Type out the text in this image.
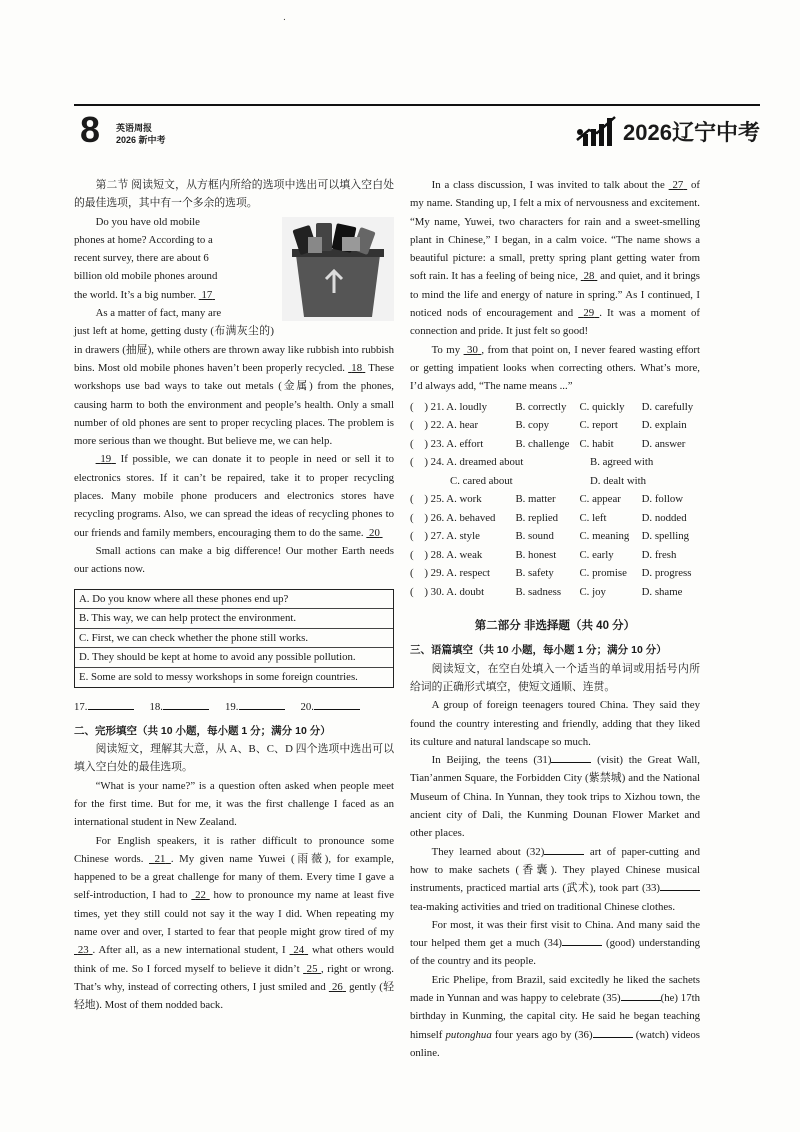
٠
8 英语周报
2026 新中考	2026辽宁中考

第二节 阅读短文，从方框内所给的选项中选出可以填入空白处的最佳选项，其中有一个多余的选项。

Do you have old mobile

phones at home? According to a

recent survey, there are about 6

billion old mobile phones around

the world. It’s a big number. 17

As a matter of fact, many are

just left at home, getting dusty (布满灰尘的) in drawers (抽屉), while others are thrown away like rubbish into rubbish bins. Most old mobile phones haven’t been properly recycled. 18 These workshops use bad ways to take out metals (金属) from the phones, causing harm to both the environment and people’s health. Only a small number of old phones are sent to proper recycling places. The problem is more serious than we thought. But believe me, we can help.

19 If possible, we can donate it to people in need or sell it to electronics stores. If it can’t be repaired, take it to proper recycling places. Many mobile phone producers and electronics stores have recycling programs. Also, we can spread the ideas of recycling phones to our friends and family members, encouraging them to do the same. 20

Small actions can make a big difference! Our mother Earth needs our actions now.

A. Do you know where all these phones end up?
B. This way, we can help protect the environment.
C. First, we can check whether the phone still works.
D. They should be kept at home to avoid any possible pollution.
E. Some are sold to messy workshops in some foreign countries.
17.	18.	19.	20.

二、完形填空（共 10 小题，每小题 1 分；满分 10 分）

阅读短文，理解其大意，从 A、B、C、D 四个选项中选出可以填入空白处的最佳选项。

“What is your name?” is a question often asked when people meet for the first time. But for me, it was the first challenge I faced as an international student in New Zealand.

For English speakers, it is rather difficult to pronounce some Chinese words. 21 . My given name Yuwei (雨薇), for example, happened to be a great challenge for many of them. Every time I gave a self-introduction, I had to 22 how to pronounce my name at least five times, yet they still could not say it the way I did. When repeating my name over and over, I started to fear that people might grow tired of my  23 . After all, as a new international student, I 24 what others would think of me. So I forced myself to believe it didn’t 25 , right or wrong. That’s why, instead of correcting others, I just smiled and 26 gently (轻轻地). Most of them nodded back.

In a class discussion, I was invited to talk about the 27 of my name. Standing up, I felt a mix of nervousness and excitement. “My name, Yuwei, two characters for rain and a sweet-smelling plant in Chinese,” I began, in a calm voice. “The name shows a beautiful picture: a small, pretty spring plant getting water from soft rain. It has a feeling of being nice, 28 and quiet, and it brings to mind the life and energy of nature in spring.” As I continued, I noticed nods of encouragement and 29 . It was a moment of connection and pride. It just felt so good!

To my 30 , from that point on, I never feared wasting effort or getting impatient looks when correcting others. What’s more, I’d always add, “The name means ...”

(　) 21. A. loudly	B. correctly	C. quickly	D. carefully
(　) 22. A. hear	B. copy	C. report	D. explain
(　) 23. A. effort	B. challenge C. habit	D. answer
(　) 24. A. dreamed about	B. agreed with
C. cared about	D. dealt with
(　) 25. A. work	B. matter	C. appear	D. follow
(　) 26. A. behaved	B. replied	C. left	D. nodded
(　) 27. A. style	B. sound	C. meaning	D. spelling
(　) 28. A. weak	B. honest	C. early	D. fresh
(　) 29. A. respect	B. safety	C. promise	D. progress
(　) 30. A. doubt	B. sadness	C. joy	D. shame
第二部分 非选择题（共 40 分）

三、语篇填空（共 10 小题，每小题 1 分；满分 10 分）

阅读短文，在空白处填入一个适当的单词或用括号内所给词的正确形式填空，使短文通顺、连贯。

A group of foreign teenagers toured China. They said they found the country interesting and friendly, adding that they liked its culture and natural landscape so much.

In Beijing, the teens (31)	(visit) the Great Wall, Tian’anmen Square, the Forbidden City (紫禁城) and the National Museum of China. In Yunnan, they took trips to Xizhou town, the ancient city of Dali, the Kunming Dounan Flower Market and other places.

They learned about (32)	art of paper-cutting and how to make sachets (香囊). They played Chinese musical instruments, practiced martial arts (武术), took part (33) tea-making activities and tried on traditional Chinese clothes.

For most, it was their first visit to China. And many said the tour helped them get a much (34)	(good) understanding of the country and its people.

Eric Phelipe, from Brazil, said excitedly he liked the sachets made in Yunnan and was happy to celebrate (35)	(he) 17th birthday in Kunming, the capital city. He said he began teaching himself putonghua four years ago by (36)	(watch) videos online.
